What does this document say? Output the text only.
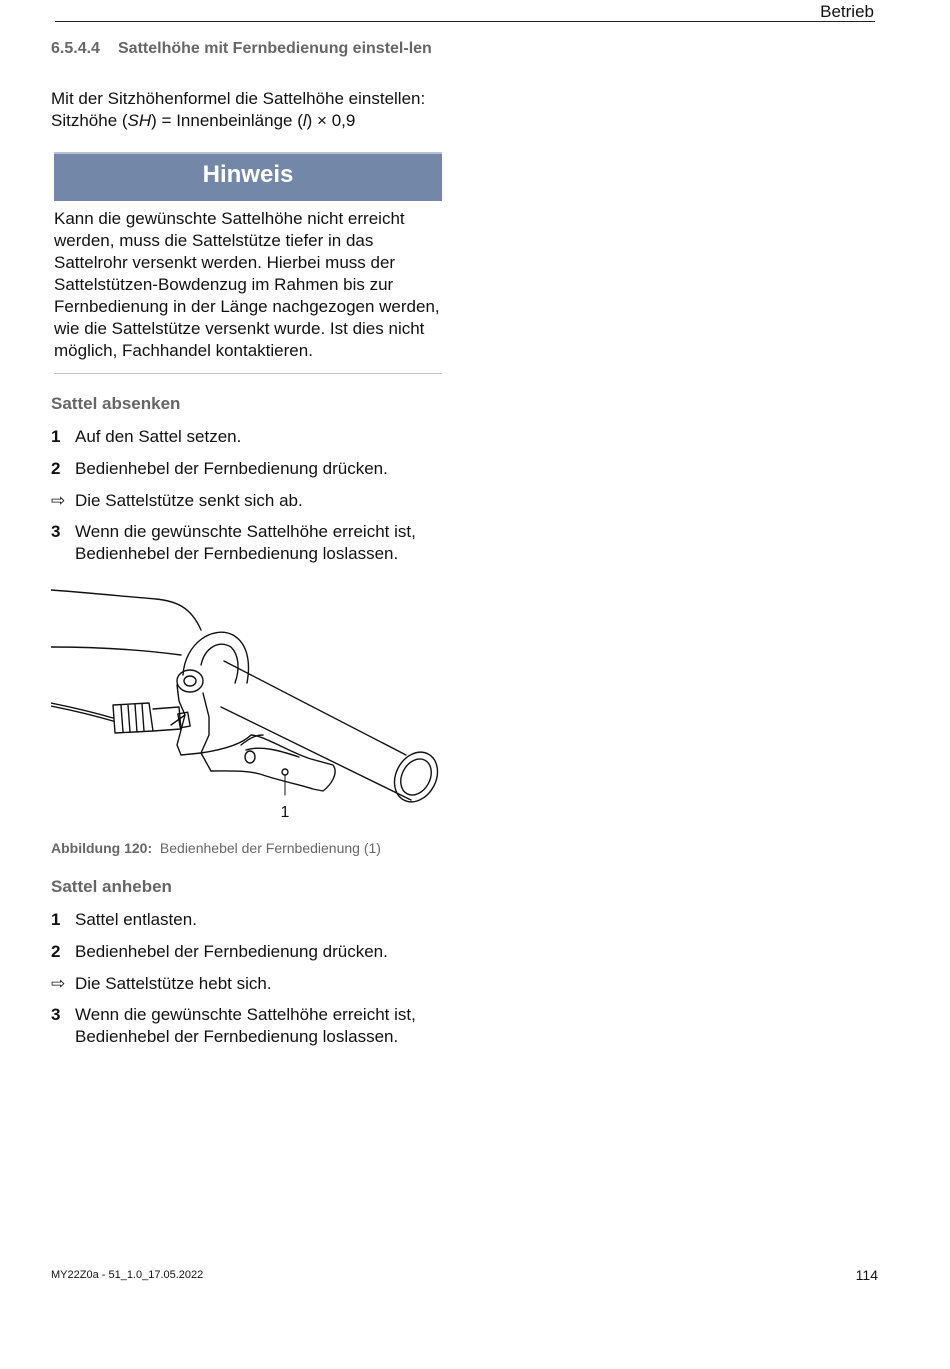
Betrieb
6.5.4.4 Sattelhöhe mit Fernbedienung einstel-len

Mit der Sitzhöhenformel die Sattelhöhe einstellen:

Sitzhöhe (SH) = Innenbeinlänge (l) × 0,9

Hinweis
Kann die gewünschte Sattelhöhe nicht erreicht werden, muss die Sattelstütze tiefer in das Sattelrohr versenkt werden. Hierbei muss der Sattelstützen-Bowdenzug im Rahmen bis zur Fernbedienung in der Länge nachgezogen werden, wie die Sattelstütze versenkt wurde. Ist dies nicht möglich, Fachhandel kontaktieren.
Sattel absenken
1 Auf den Sattel setzen.
2 Bedienhebel der Fernbedienung drücken.
⇨ Die Sattelstütze senkt sich ab.
3 Wenn die gewünschte Sattelhöhe erreicht ist, Bedienhebel der Fernbedienung loslassen.
1
Abbildung 120: Bedienhebel der Fernbedienung (1)
Sattel anheben
1 Sattel entlasten.
2 Bedienhebel der Fernbedienung drücken.
⇨ Die Sattelstütze hebt sich.
3 Wenn die gewünschte Sattelhöhe erreicht ist, Bedienhebel der Fernbedienung loslassen.
MY22Z0a - 51_1.0_17.05.2022	114
